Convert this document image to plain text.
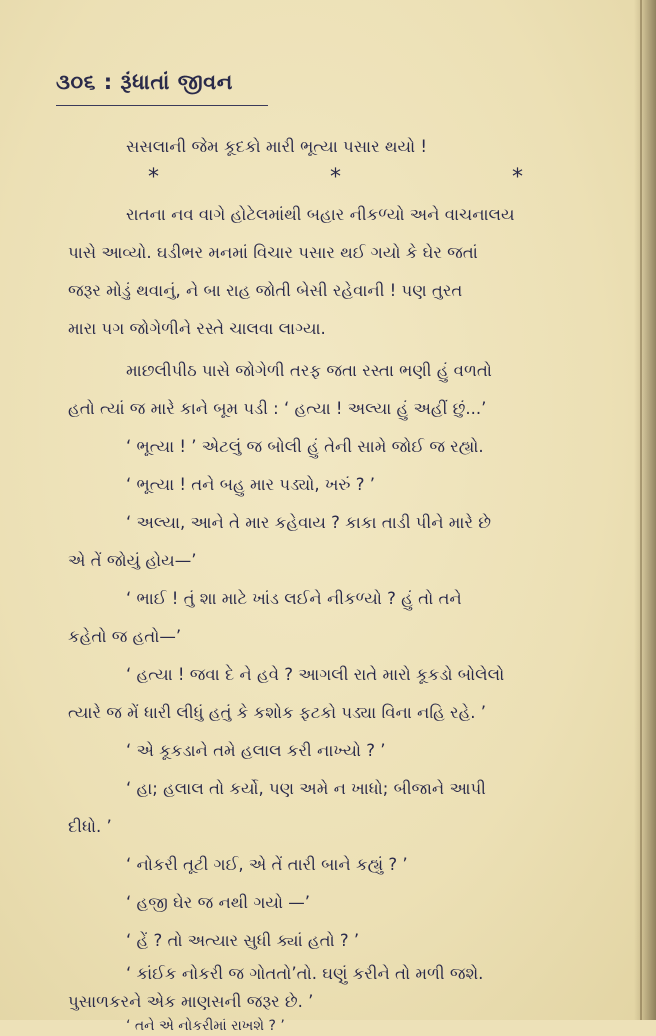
૩૦૬ : રૂંધાતાં જીવન
સસલાની જેમ કૂદકો મારી ભૂત્યા પસાર થયો !
*	*	*
રાતના નવ વાગે હોટેલમાંથી બહાર નીકળ્યો અને વાચનાલય
પાસે આવ્યો. ઘડીભર મનમાં વિચાર પસાર થઈ ગયો કે ઘેર જતાં
જરૂર મોડું થવાનું, ને બા રાહ જોતી બેસી રહેવાની ! પણ તુરત
મારા પગ જોગેળીને રસ્તે ચાલવા લાગ્યા.
માછલીપીઠ પાસે જોગેળી તરફ જતા રસ્તા ભણી હું વળતો
હતો ત્યાં જ મારે કાને બૂમ પડી : ‘ હત્યા ! અલ્યા હું અહીં છું...’
‘ ભૂત્યા ! ’ એટલું જ બોલી હું તેની સામે જોઈ જ રહ્યો.
‘ ભૂત્યા ! તને બહુ માર પડ્યો, ખરું ? ’
‘ અલ્યા, આને તે માર કહેવાય ? કાકા તાડી પીને મારે છે
એ તેં જોયું હોય—’
‘ ભાઈ ! તું શા માટે ખાંડ લઈને નીકળ્યો ? હું તો તને
કહેતો જ હતો—’
‘ હત્યા ! જવા દે ને હવે ? આગલી રાતે મારો કૂકડો બોલેલો
ત્યારે જ મેં ધારી લીધું હતું કે કશોક ફટકો પડ્યા વિના નહિ રહે. ’
‘ એ કૂકડાને તમે હલાલ કરી નાખ્યો ? ’
‘ હા; હલાલ તો કર્યો, પણ અમે ન ખાધો; બીજાને આપી
દીધો. ’
‘ નોકરી તૂટી ગઈ, એ તેં તારી બાને કહ્યું ? ’
‘ હજી ઘેર જ નથી ગયો —’
‘ હેં ? તો અત્યાર સુધી ક્યાં હતો ? ’
‘ કાંઈક નોકરી જ ગોતતો’તો. ઘણું કરીને તો મળી જશે.
પુસાળકરને એક માણસની જરૂર છે. ’
‘ તને એ નોકરીમાં રાખશે ? ’
